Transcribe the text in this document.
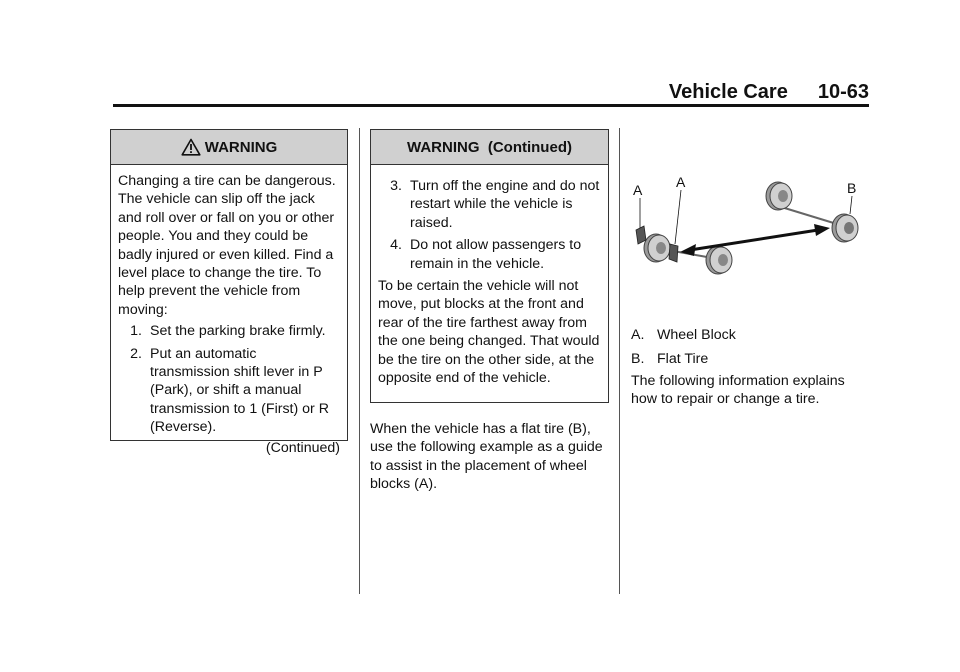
Vehicle Care 10-63
WARNING
Changing a tire can be dangerous. The vehicle can slip off the jack and roll over or fall on you or other people. You and they could be badly injured or even killed. Find a level place to change the tire. To help prevent the vehicle from moving:
1. Set the parking brake firmly.
2. Put an automatic transmission shift lever in P (Park), or shift a manual transmission to 1 (First) or R (Reverse).
(Continued)
WARNING  (Continued)
3. Turn off the engine and do not restart while the vehicle is raised.
4. Do not allow passengers to remain in the vehicle.
To be certain the vehicle will not move, put blocks at the front and rear of the tire farthest away from the one being changed. That would be the tire on the other side, at the opposite end of the vehicle.
When the vehicle has a flat tire (B), use the following example as a guide to assist in the placement of wheel blocks (A).
A A	B
A. Wheel Block
B. Flat Tire
The following information explains how to repair or change a tire.
